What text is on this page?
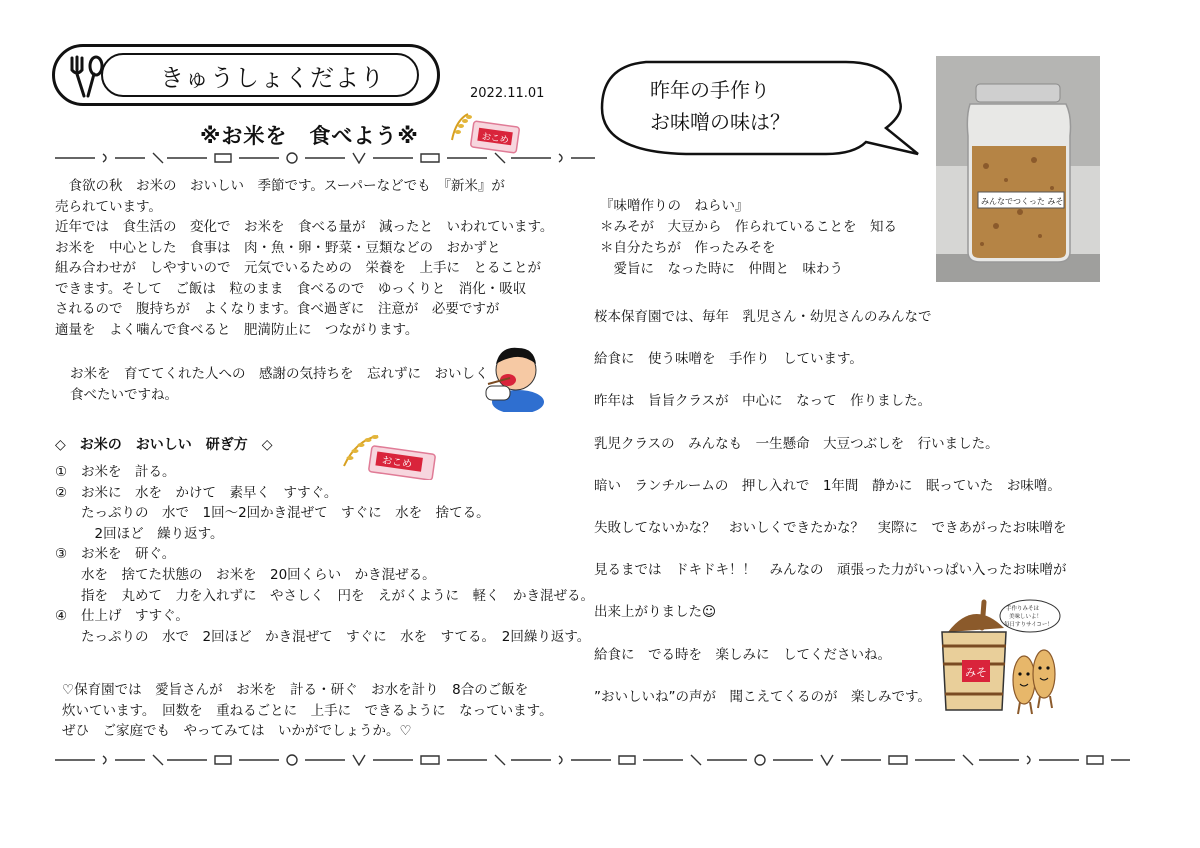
きゅうしょくだより
2022.11.01
※お米を　食べよう※	おこめ
　食欲の秋　お米の　おいしい　季節です。スーパーなどでも　『新米』が
売られています。
近年では　食生活の　変化で　お米を　食べる量が　減ったと　いわれています。
お米を　中心とした　食事は　肉・魚・卵・野菜・豆類などの　おかずと
組み合わせが　しやすいので　元気でいるための　栄養を　上手に　とることが
できます。そして　ご飯は　粒のまま　食べるので　ゆっくりと　消化・吸収
されるので　腹持ちが　よくなります。食べ過ぎに　注意が　必要ですが
適量を　よく噛んで食べると　肥満防止に　つながります。
お米を　育ててくれた人への　感謝の気持ちを　忘れずに　おいしく
食べたいですね。
◇　お米の　おいしい　研ぎ方　◇
おこめ
①	お米を　計る。
②	お米に　水を　かけて　素早く　すすぐ。
たっぷりの　水で　1回～2回かき混ぜて　すぐに　水を　捨てる。
　2回ほど　繰り返す。
③	お米を　研ぐ。
水を　捨てた状態の　お米を　20回くらい　かき混ぜる。
指を　丸めて　力を入れずに　やさしく　円を　えがくように　軽く　かき混ぜる。
④	仕上げ　すすぐ。
たっぷりの　水で　2回ほど　かき混ぜて　すぐに　水を　すてる。　2回繰り返す。
♡保育園では　愛旨さんが　お米を　計る・研ぐ　お水を計り　8合のご飯を
炊いています。　回数を　重ねるごとに　上手に　できるように　なっています。
ぜひ　ご家庭でも　やってみては　いかがでしょうか。♡
昨年の手作り
お味噌の味は？
みんなでつくった みそ
『味噌作りの　ねらい』
＊みそが　大豆から　作られていることを　知る
＊自分たちが　作ったみそを
　愛旨に　なった時に　仲間と　味わう
桜本保育園では、毎年　乳児さん・幼児さんのみんなで
給食に　使う味噌を　手作り　しています。
昨年は　旨旨クラスが　中心に　なって　作りました。
乳児クラスの　みんなも　一生懸命　大豆つぶしを　行いました。
暗い　ランチルームの　押し入れで　1年間　静かに　眠っていた　お味噌。
失敗してないかな？　おいしくできたかな？　実際に　できあがったお味噌を
見るまでは　ドキドキ！！　みんなの　頑張った力がいっぱい入ったお味噌が
出来上がりました☺
給食に　でる時を　楽しみに　してくださいね。
”おいしいね”の声が　聞こえてくるのが　楽しみです。
みそ
手作りみそは
美味しいよ！
毎日すりサイコー！
